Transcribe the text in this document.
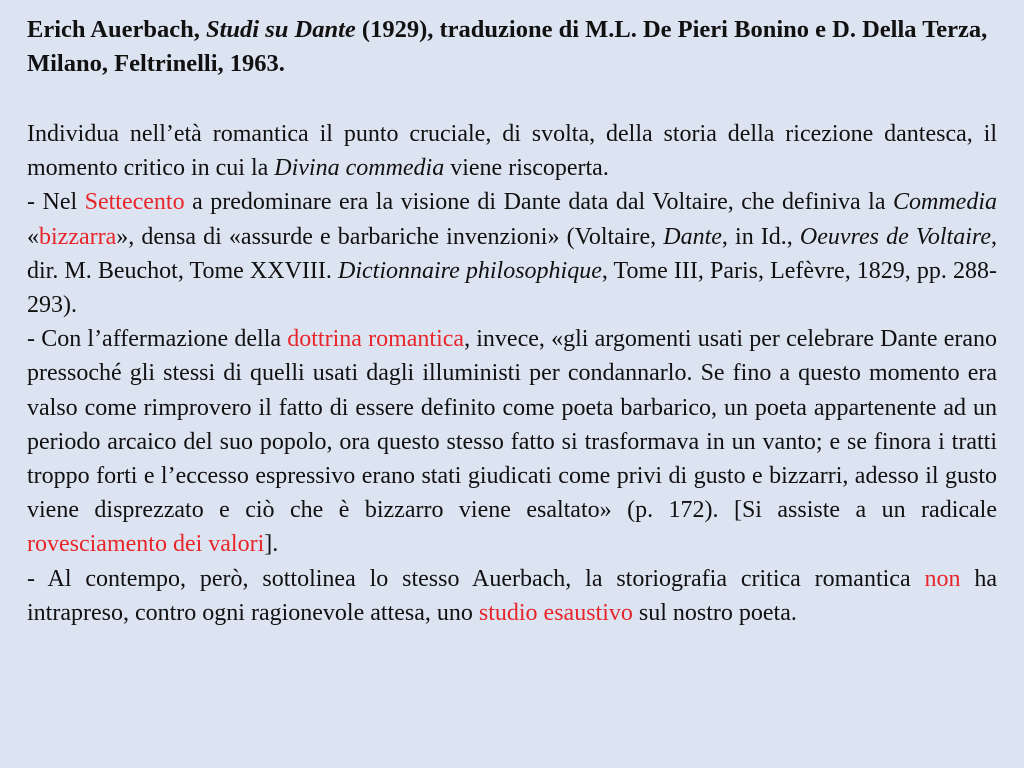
Erich Auerbach, Studi su Dante (1929), traduzione di M.L. De Pieri Bonino e D. Della Terza, Milano, Feltrinelli, 1963.

Individua nell’età romantica il punto cruciale, di svolta, della storia della ricezione dantesca, il momento critico in cui la Divina commedia viene riscoperta.

- Nel Settecento a predominare era la visione di Dante data dal Voltaire, che definiva la Commedia «bizzarra», densa di «assurde e barbariche invenzioni» (Voltaire, Dante, in Id., Oeuvres de Voltaire, dir. M. Beuchot, Tome XXVIII. Dictionnaire philosophique, Tome III, Paris, Lefèvre, 1829, pp. 288-293).

- Con l’affermazione della dottrina romantica, invece, «gli argomenti usati per celebrare Dante erano pressoché gli stessi di quelli usati dagli illuministi per condannarlo. Se fino a questo momento era valso come rimprovero il fatto di essere definito come poeta barbarico, un poeta appartenente ad un periodo arcaico del suo popolo, ora questo stesso fatto si trasformava in un vanto; e se finora i tratti troppo forti e l’eccesso espressivo erano stati giudicati come privi di gusto e bizzarri, adesso il gusto viene disprezzato e ciò che è bizzarro viene esaltato» (p. 172). [Si assiste a un radicale rovesciamento dei valori].

- Al contempo, però, sottolinea lo stesso Auerbach, la storiografia critica romantica non ha intrapreso, contro ogni ragionevole attesa, uno studio esaustivo sul nostro poeta.
